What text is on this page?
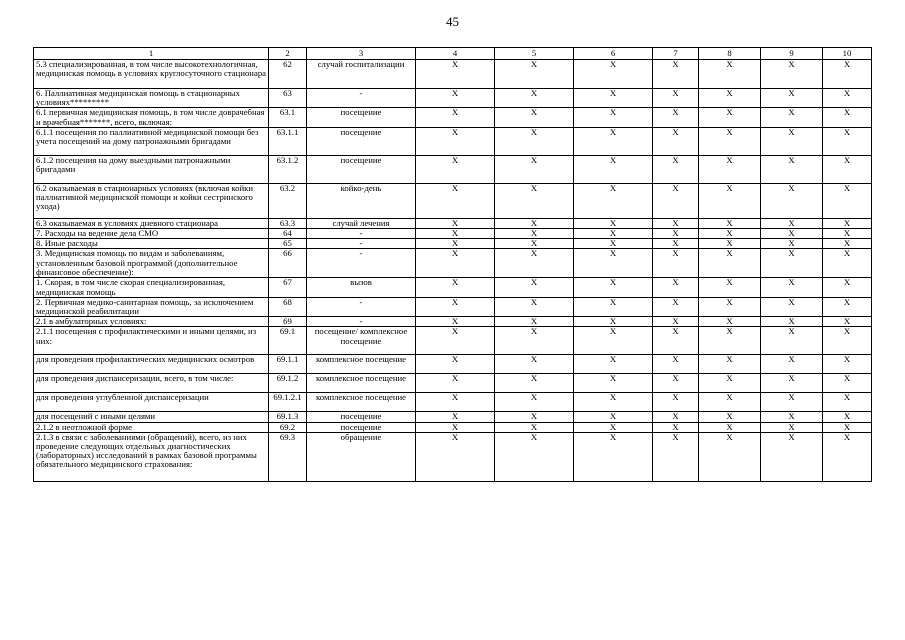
45
1	2	3	4	5	6	7	8	9	10
5.3 специализированная, в том числе высокотехнологичная, медицинская помощь в условиях круглосуточного стационара	62	случай госпитализации	X	X	X	X	X	X	X
6. Паллиативная медицинская помощь в стационарных условиях*********	63	-	X	X	X	X	X	X	X
6.1 первичная медицинская помощь, в том числе доврачебная и врачебная*******, всего, включая:	63.1	посещение	X	X	X	X	X	X	X
6.1.1 посещения по паллиативной медицинской помощи без учета посещений на дому патронажными бригадами	63.1.1	посещение	X	X	X	X	X	X	X
6.1.2 посещения на дому выездными патронажными бригадами	63.1.2	посещение	X	X	X	X	X	X	X
6.2 оказываемая в стационарных условиях (включая койки паллиативной медицинской помощи и койки сестринского ухода)	63.2	койко-день	X	X	X	X	X	X	X
6.3 оказываемая в условиях дневного стационара	63.3	случай лечения	X	X	X	X	X	X	X
7. Расходы на ведение дела СМО	64	-	X	X	X	X	X	X	X
8. Иные расходы	65	-	X	X	X	X	X	X	X
3. Медицинская помощь по видам и заболеваниям, установленным базовой программой (дополнительное финансовое обеспечение):	66	-	X	X	X	X	X	X	X
1. Скорая, в том числе скорая специализированная, медицинская помощь	67	вызов	X	X	X	X	X	X	X
2. Первичная медико-санитарная помощь, за исключением медицинской реабилитации	68	-	X	X	X	X	X	X	X
2.1 в амбулаторных условиях:	69	-	X	X	X	X	X	X	X
2.1.1 посещения с профилактическими и иными целями, из них:	69.1	посещение/ комплексное посещение	X	X	X	X	X	X	X
для проведения профилактических медицинских осмотров	69.1.1	комплексное посещение	X	X	X	X	X	X	X
для проведения диспансеризации, всего, в том числе:	69.1.2	комплексное посещение	X	X	X	X	X	X	X
для проведения углубленной диспансеризации	69.1.2.1	комплексное посещение	X	X	X	X	X	X	X
для посещений с иными целями	69.1.3	посещение	X	X	X	X	X	X	X
2.1.2 в неотложной форме	69.2	посещение	X	X	X	X	X	X	X
2.1.3 в связи с заболеваниями (обращений), всего, из них проведение следующих отдельных диагностических (лабораторных) исследований в рамках базовой программы обязательного медицинского страхования:	69.3	обращение	X	X	X	X	X	X	X
